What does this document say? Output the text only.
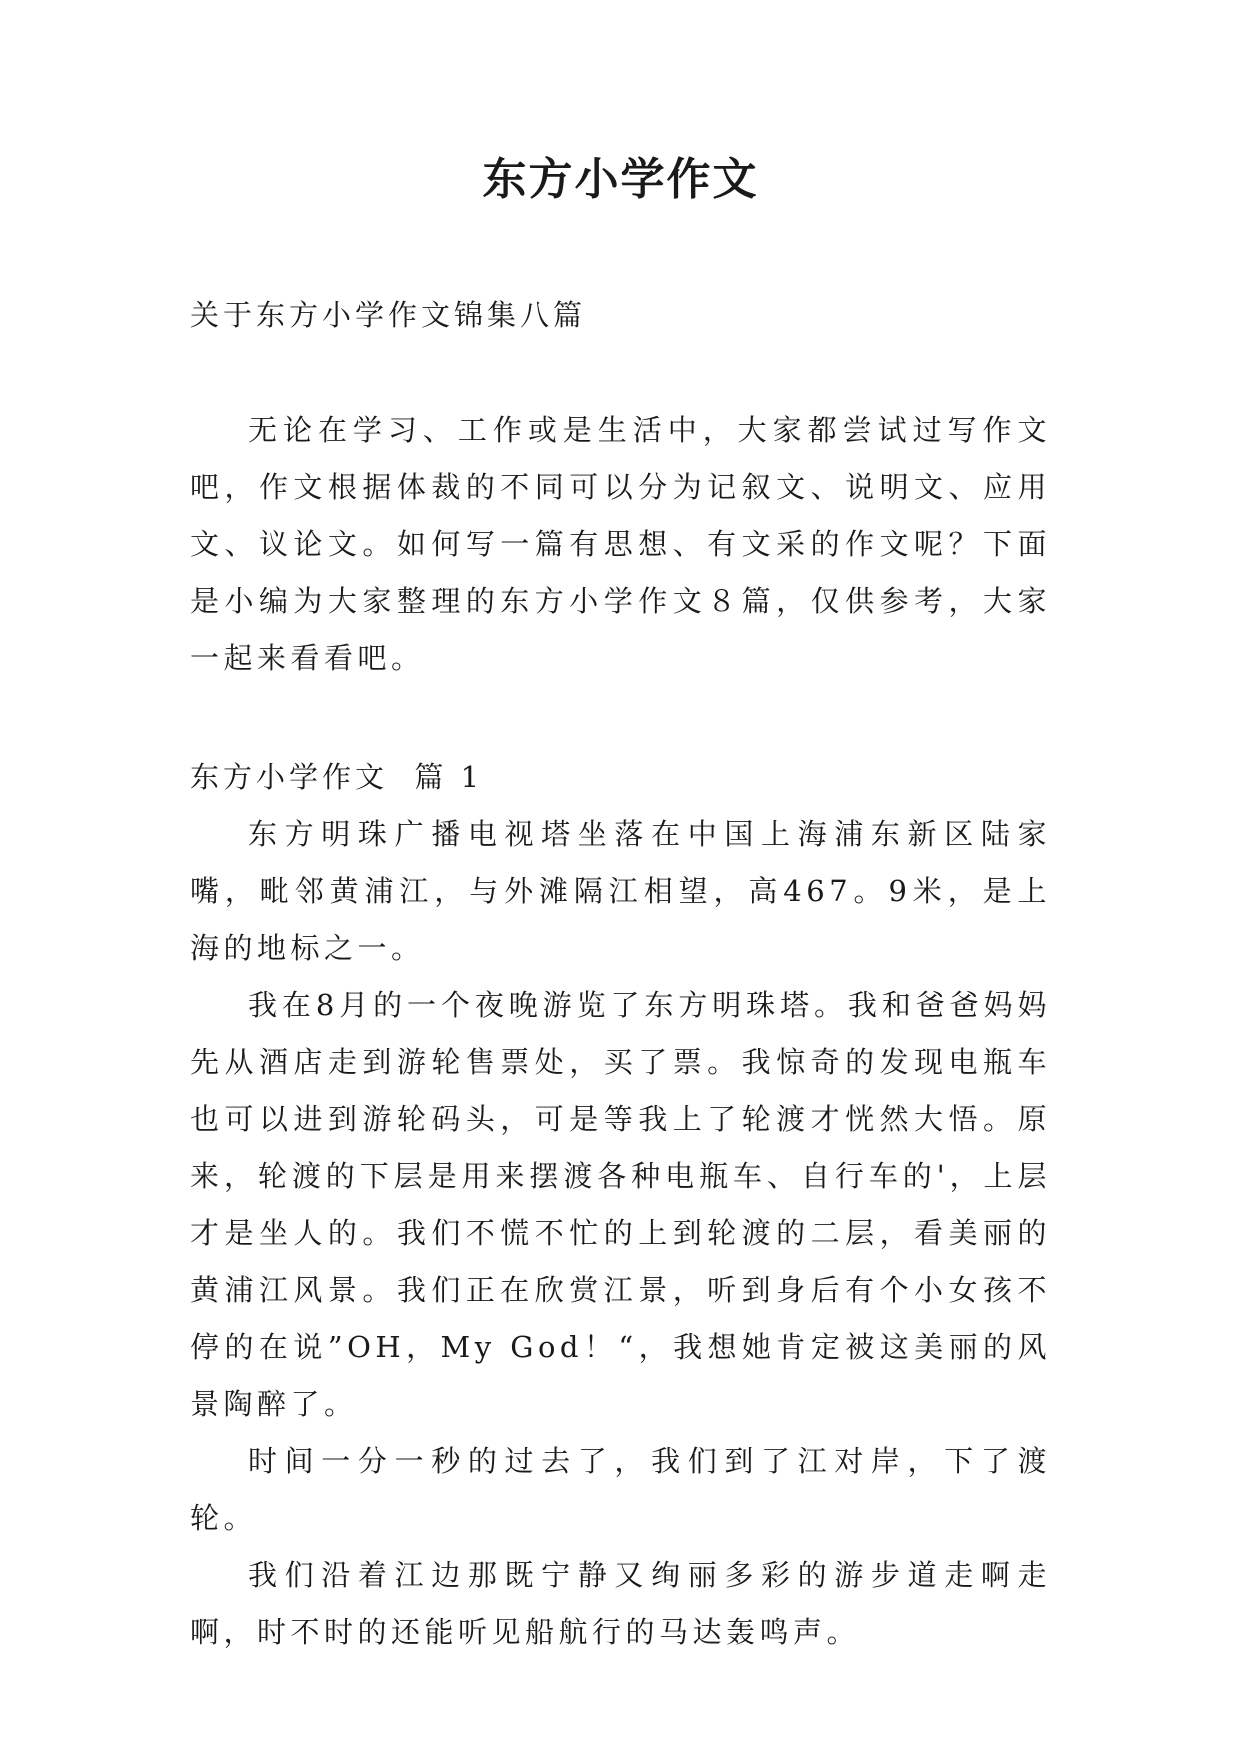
东方小学作文

关于东方小学作文锦集八篇

无论在学习、工作或是生活中，大家都尝试过写作文吧，作文根据体裁的不同可以分为记叙文、说明文、应用文、议论文。如何写一篇有思想、有文采的作文呢？下面是小编为大家整理的东方小学作文８篇，仅供参考，大家一起来看看吧。

东方小学作文  篇 1

东方明珠广播电视塔坐落在中国上海浦东新区陆家嘴，毗邻黄浦江，与外滩隔江相望，高467。9米，是上海的地标之一。

我在8月的一个夜晚游览了东方明珠塔。我和爸爸妈妈先从酒店走到游轮售票处，买了票。我惊奇的发现电瓶车也可以进到游轮码头，可是等我上了轮渡才恍然大悟。原来，轮渡的下层是用来摆渡各种电瓶车、自行车的'，上层才是坐人的。我们不慌不忙的上到轮渡的二层，看美丽的黄浦江风景。我们正在欣赏江景，听到身后有个小女孩不停的在说”OH，My God！“，我想她肯定被这美丽的风景陶醉了。

时间一分一秒的过去了，我们到了江对岸，下了渡轮。

我们沿着江边那既宁静又绚丽多彩的游步道走啊走啊，时不时的还能听见船航行的马达轰鸣声。
